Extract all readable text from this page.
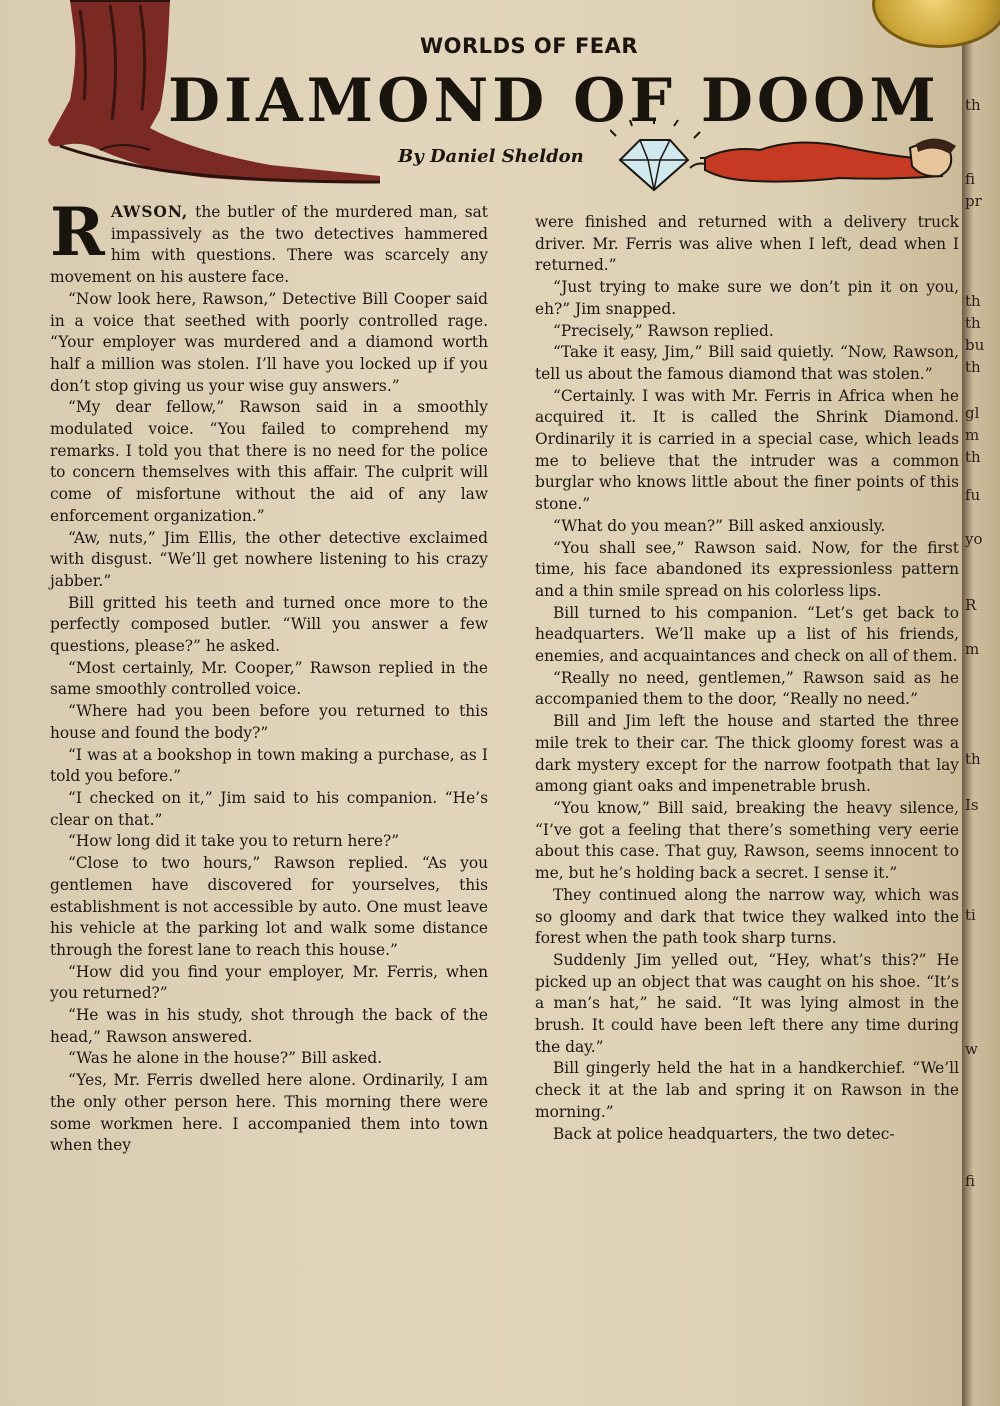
WORLDS OF FEAR
DIAMOND OF DOOM
By Daniel Sheldon

RAWSON, the butler of the murdered man, sat impassively as the two detectives hammered him with questions. There was scarcely any movement on his austere face.

“Now look here, Rawson,” Detective Bill Cooper said in a voice that seethed with poorly controlled rage. “Your employer was murdered and a diamond worth half a million was stolen. I’ll have you locked up if you don’t stop giving us your wise guy answers.”

“My dear fellow,” Rawson said in a smoothly modulated voice. “You failed to comprehend my remarks. I told you that there is no need for the police to concern themselves with this affair. The culprit will come of misfortune without the aid of any law enforcement organization.”

“Aw, nuts,” Jim Ellis, the other detective exclaimed with disgust. “We’ll get nowhere listening to his crazy jabber.”

Bill gritted his teeth and turned once more to the perfectly composed butler. “Will you answer a few questions, please?” he asked.

“Most certainly, Mr. Cooper,” Rawson replied in the same smoothly controlled voice.

“Where had you been before you returned to this house and found the body?”

“I was at a bookshop in town making a purchase, as I told you before.”

“I checked on it,” Jim said to his companion. “He’s clear on that.”

“How long did it take you to return here?”

“Close to two hours,” Rawson replied. “As you gentlemen have discovered for yourselves, this establishment is not accessible by auto. One must leave his vehicle at the parking lot and walk some distance through the forest lane to reach this house.”

“How did you find your employer, Mr. Ferris, when you returned?”

“He was in his study, shot through the back of the head,” Rawson answered.

“Was he alone in the house?” Bill asked.

“Yes, Mr. Ferris dwelled here alone. Ordinarily, I am the only other person here. This morning there were some workmen here. I accompanied them into town when they

were finished and returned with a delivery truck driver. Mr. Ferris was alive when I left, dead when I returned.”

“Just trying to make sure we don’t pin it on you, eh?” Jim snapped.

“Precisely,” Rawson replied.

“Take it easy, Jim,” Bill said quietly. “Now, Rawson, tell us about the famous diamond that was stolen.”

“Certainly. I was with Mr. Ferris in Africa when he acquired it. It is called the Shrink Diamond. Ordinarily it is carried in a special case, which leads me to believe that the intruder was a common burglar who knows little about the finer points of this stone.”

“What do you mean?” Bill asked anxiously.

“You shall see,” Rawson said. Now, for the first time, his face abandoned its expressionless pattern and a thin smile spread on his colorless lips.

Bill turned to his companion. “Let’s get back to headquarters. We’ll make up a list of his friends, enemies, and acquaintances and check on all of them.

“Really no need, gentlemen,” Rawson said as he accompanied them to the door, “Really no need.”

Bill and Jim left the house and started the three mile trek to their car. The thick gloomy forest was a dark mystery except for the narrow footpath that lay among giant oaks and impenetrable brush.

“You know,” Bill said, breaking the heavy silence, “I’ve got a feeling that there’s something very eerie about this case. That guy, Rawson, seems innocent to me, but he’s holding back a secret. I sense it.”

They continued along the narrow way, which was so gloomy and dark that twice they walked into the forest when the path took sharp turns.

Suddenly Jim yelled out, “Hey, what’s this?” He picked up an object that was caught on his shoe. “It’s a man’s hat,” he said. “It was lying almost in the brush. It could have been left there any time during the day.”

Bill gingerly held the hat in a handkerchief. “We’ll check it at the lab and spring it on Rawson in the morning.”

Back at police headquarters, the two detec-

th
fi
pr
th
th
bu
th
gl
m
th
fu
yo
R
m
th
Is
ti
w
fi
